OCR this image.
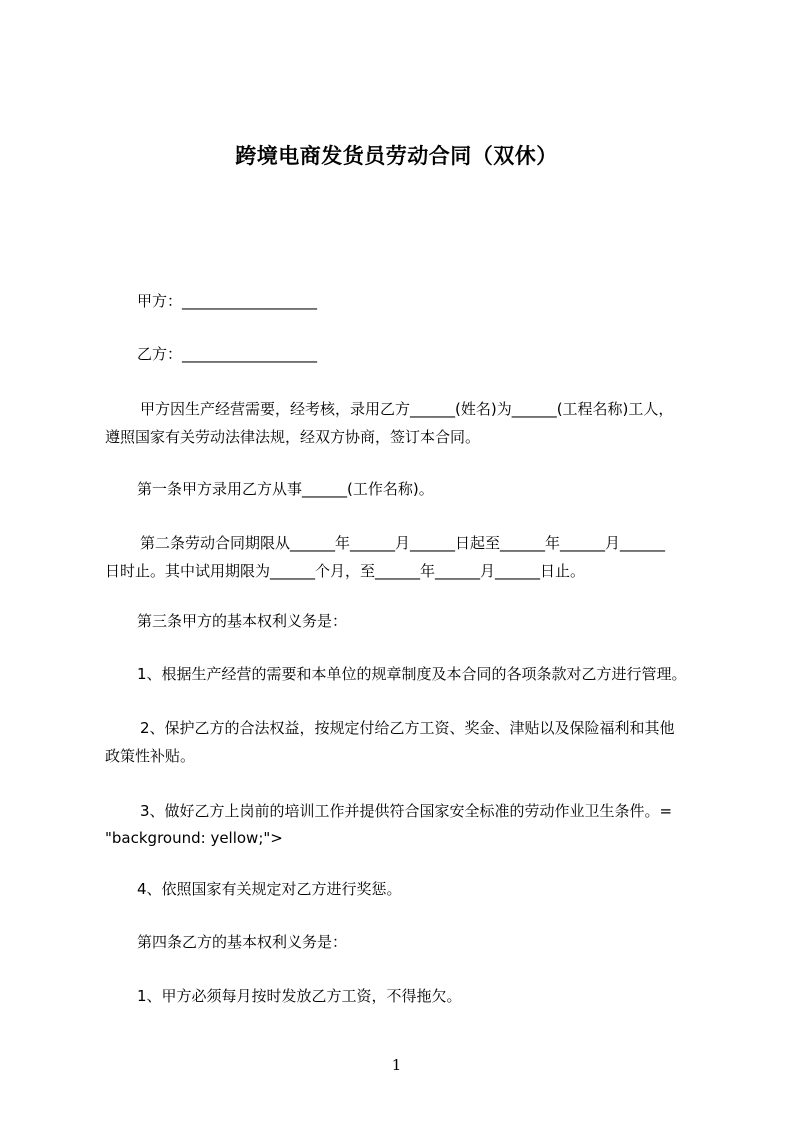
跨境电商发货员劳动合同（双休）
甲方：__________________
乙方：__________________
甲方因生产经营需要，经考核，录用乙方______(姓名)为______(工程名称)工人，
遵照国家有关劳动法律法规，经双方协商，签订本合同。
第一条甲方录用乙方从事______(工作名称)。
第二条劳动合同期限从______年______月______日起至______年______月______
日时止。其中试用期限为______个月，至______年______月______日止。
第三条甲方的基本权利义务是：
1、根据生产经营的需要和本单位的规章制度及本合同的各项条款对乙方进行管理。
2、保护乙方的合法权益，按规定付给乙方工资、奖金、津贴以及保险福利和其他
政策性补贴。
3、做好乙方上岗前的培训工作并提供符合国家安全标准的劳动作业卫生条件。=
"background: yellow;">
4、依照国家有关规定对乙方进行奖惩。
第四条乙方的基本权利义务是：
1、甲方必须每月按时发放乙方工资，不得拖欠。
1
